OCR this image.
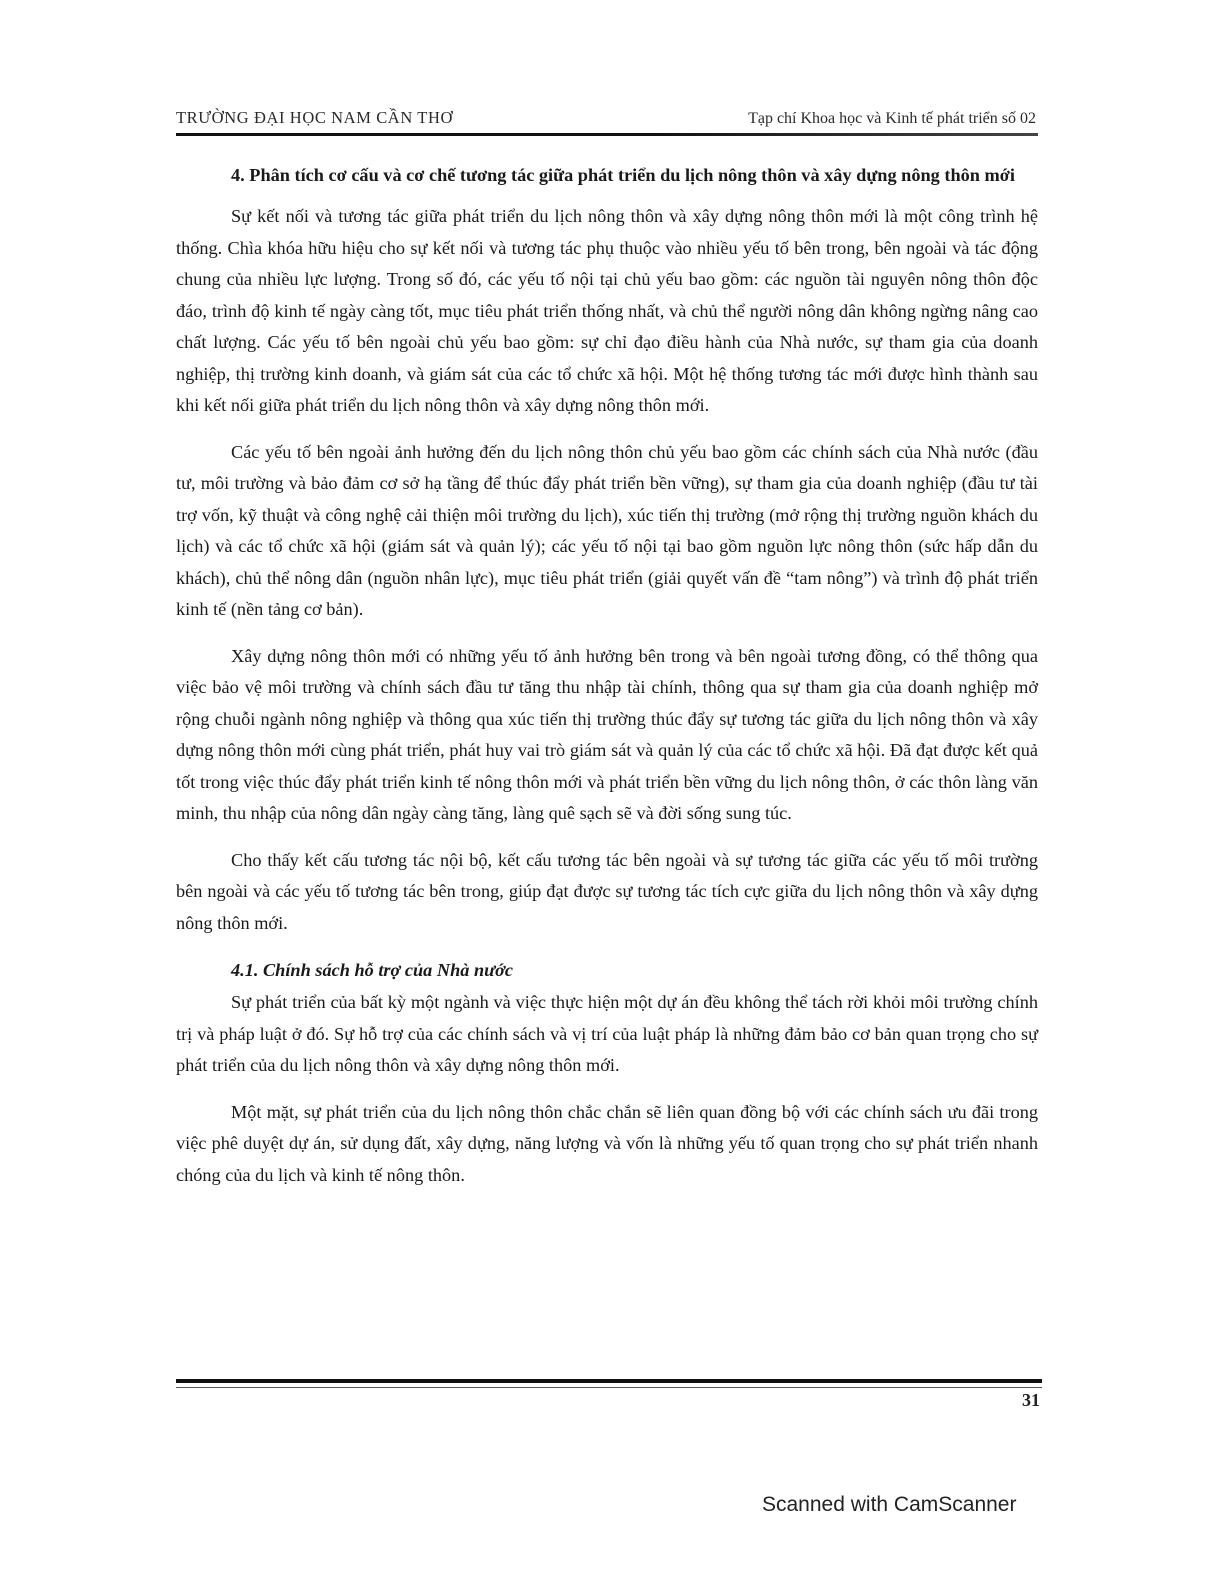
TRƯỜNG ĐẠI HỌC NAM CẦN THƠ	Tạp chí Khoa học và Kinh tế phát triển số 02
4. Phân tích cơ cấu và cơ chế tương tác giữa phát triển du lịch nông thôn và xây dựng nông thôn mới
Sự kết nối và tương tác giữa phát triển du lịch nông thôn và xây dựng nông thôn mới là một công trình hệ thống. Chìa khóa hữu hiệu cho sự kết nối và tương tác phụ thuộc vào nhiều yếu tố bên trong, bên ngoài và tác động chung của nhiều lực lượng. Trong số đó, các yếu tố nội tại chủ yếu bao gồm: các nguồn tài nguyên nông thôn độc đáo, trình độ kinh tế ngày càng tốt, mục tiêu phát triển thống nhất, và chủ thể người nông dân không ngừng nâng cao chất lượng. Các yếu tố bên ngoài chủ yếu bao gồm: sự chỉ đạo điều hành của Nhà nước, sự tham gia của doanh nghiệp, thị trường kinh doanh, và giám sát của các tổ chức xã hội. Một hệ thống tương tác mới được hình thành sau khi kết nối giữa phát triển du lịch nông thôn và xây dựng nông thôn mới.
Các yếu tố bên ngoài ảnh hưởng đến du lịch nông thôn chủ yếu bao gồm các chính sách của Nhà nước (đầu tư, môi trường và bảo đảm cơ sở hạ tầng để thúc đẩy phát triển bền vững), sự tham gia của doanh nghiệp (đầu tư tài trợ vốn, kỹ thuật và công nghệ cải thiện môi trường du lịch), xúc tiến thị trường (mở rộng thị trường nguồn khách du lịch) và các tổ chức xã hội (giám sát và quản lý); các yếu tố nội tại bao gồm nguồn lực nông thôn (sức hấp dẫn du khách), chủ thể nông dân (nguồn nhân lực), mục tiêu phát triển (giải quyết vấn đề “tam nông”) và trình độ phát triển kinh tế (nền tảng cơ bản).
Xây dựng nông thôn mới có những yếu tố ảnh hưởng bên trong và bên ngoài tương đồng, có thể thông qua việc bảo vệ môi trường và chính sách đầu tư tăng thu nhập tài chính, thông qua sự tham gia của doanh nghiệp mở rộng chuỗi ngành nông nghiệp và thông qua xúc tiến thị trường thúc đẩy sự tương tác giữa du lịch nông thôn và xây dựng nông thôn mới cùng phát triển, phát huy vai trò giám sát và quản lý của các tổ chức xã hội. Đã đạt được kết quả tốt trong việc thúc đẩy phát triển kinh tế nông thôn mới và phát triển bền vững du lịch nông thôn, ở các thôn làng văn minh, thu nhập của nông dân ngày càng tăng, làng quê sạch sẽ và đời sống sung túc.
Cho thấy kết cấu tương tác nội bộ, kết cấu tương tác bên ngoài và sự tương tác giữa các yếu tố môi trường bên ngoài và các yếu tố tương tác bên trong, giúp đạt được sự tương tác tích cực giữa du lịch nông thôn và xây dựng nông thôn mới.
4.1. Chính sách hỗ trợ của Nhà nước
Sự phát triển của bất kỳ một ngành và việc thực hiện một dự án đều không thể tách rời khỏi môi trường chính trị và pháp luật ở đó. Sự hỗ trợ của các chính sách và vị trí của luật pháp là những đảm bảo cơ bản quan trọng cho sự phát triển của du lịch nông thôn và xây dựng nông thôn mới.
Một mặt, sự phát triển của du lịch nông thôn chắc chắn sẽ liên quan đồng bộ với các chính sách ưu đãi trong việc phê duyệt dự án, sử dụng đất, xây dựng, năng lượng và vốn là những yếu tố quan trọng cho sự phát triển nhanh chóng của du lịch và kinh tế nông thôn.
31
Scanned with CamScanner
